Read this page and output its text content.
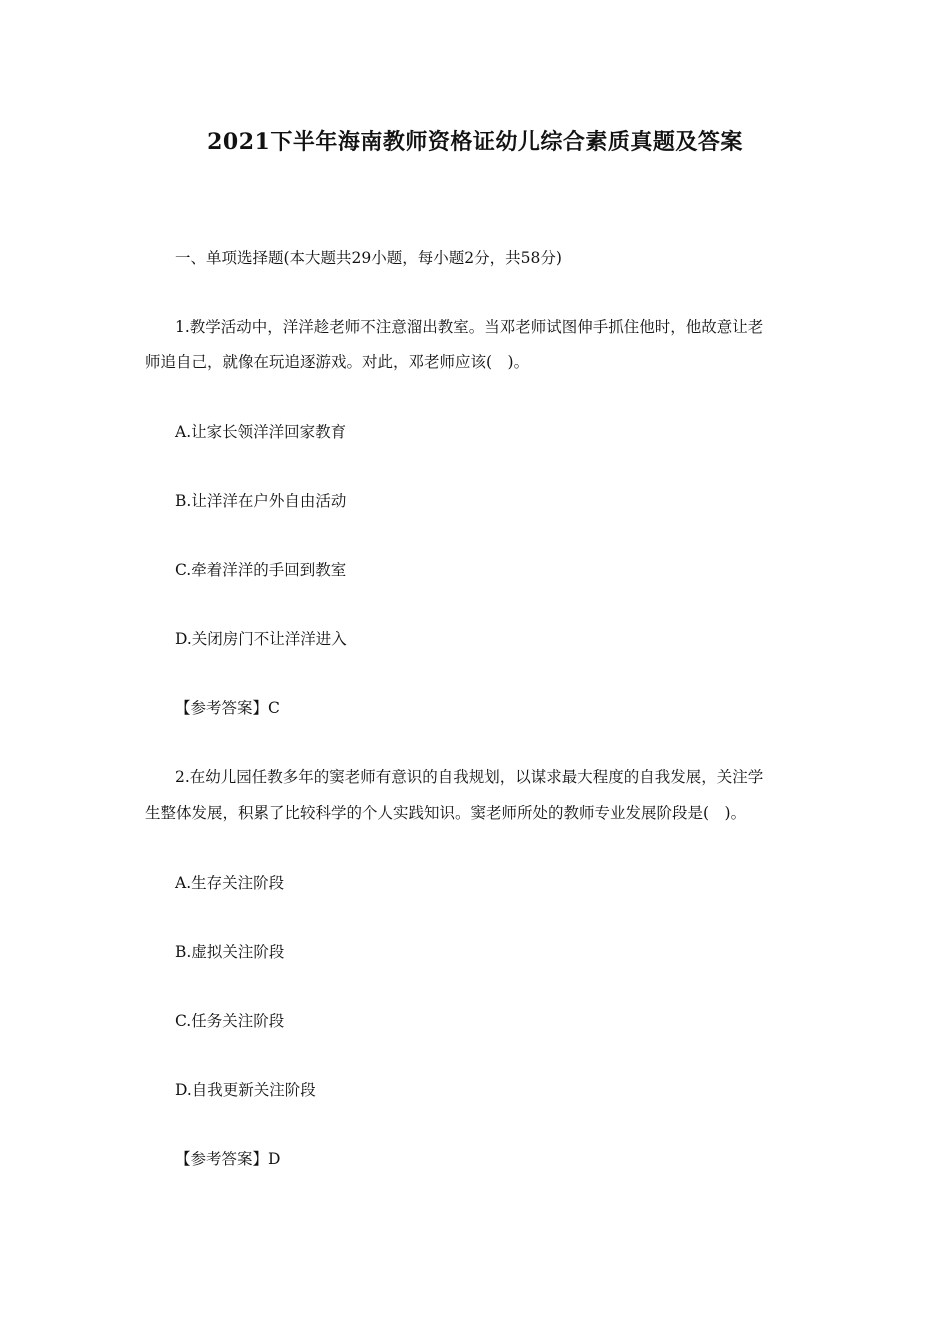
2021下半年海南教师资格证幼儿综合素质真题及答案
一、单项选择题(本大题共29小题，每小题2分，共58分)
1.教学活动中，洋洋趁老师不注意溜出教室。当邓老师试图伸手抓住他时，他故意让老
师追自己，就像在玩追逐游戏。对此，邓老师应该(　)。
A.让家长领洋洋回家教育
B.让洋洋在户外自由活动
C.牵着洋洋的手回到教室
D.关闭房门不让洋洋进入
【参考答案】C
2.在幼儿园任教多年的窦老师有意识的自我规划，以谋求最大程度的自我发展，关注学
生整体发展，积累了比较科学的个人实践知识。窦老师所处的教师专业发展阶段是(　)。
A.生存关注阶段
B.虚拟关注阶段
C.任务关注阶段
D.自我更新关注阶段
【参考答案】D
